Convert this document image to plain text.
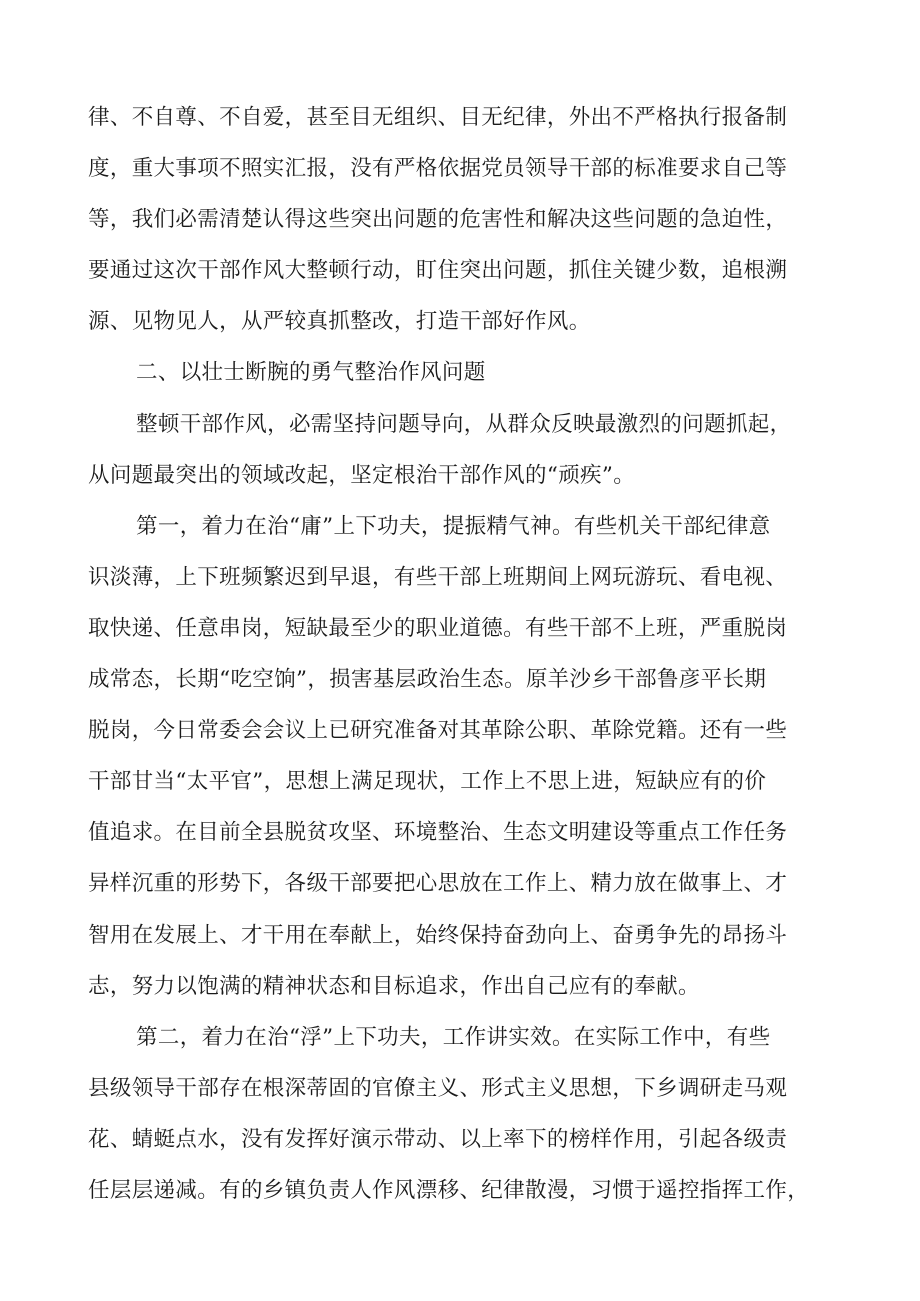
律、不自尊、不自爱，甚至目无组织、目无纪律，外出不严格执行报备制
度，重大事项不照实汇报，没有严格依据党员领导干部的标准要求自己等
等，我们必需清楚认得这些突出问题的危害性和解决这些问题的急迫性，
要通过这次干部作风大整顿行动，盯住突出问题，抓住关键少数，追根溯
源、见物见人，从严较真抓整改，打造干部好作风。
二、以壮士断腕的勇气整治作风问题
整顿干部作风，必需坚持问题导向，从群众反映最激烈的问题抓起，
从问题最突出的领域改起，坚定根治干部作风的“顽疾”。
第一，着力在治“庸”上下功夫，提振精气神。有些机关干部纪律意
识淡薄，上下班频繁迟到早退，有些干部上班期间上网玩游玩、看电视、
取快递、任意串岗，短缺最至少的职业道德。有些干部不上班，严重脱岗
成常态，长期“吃空饷”，损害基层政治生态。原羊沙乡干部鲁彦平长期
脱岗，今日常委会会议上已研究准备对其革除公职、革除党籍。还有一些
干部甘当“太平官”，思想上满足现状，工作上不思上进，短缺应有的价
值追求。在目前全县脱贫攻坚、环境整治、生态文明建设等重点工作任务
异样沉重的形势下，各级干部要把心思放在工作上、精力放在做事上、才
智用在发展上、才干用在奉献上，始终保持奋劲向上、奋勇争先的昂扬斗
志，努力以饱满的精神状态和目标追求，作出自己应有的奉献。
第二，着力在治“浮”上下功夫，工作讲实效。在实际工作中，有些
县级领导干部存在根深蒂固的官僚主义、形式主义思想，下乡调研走马观
花、蜻蜓点水，没有发挥好演示带动、以上率下的榜样作用，引起各级责
任层层递减。有的乡镇负责人作风漂移、纪律散漫，习惯于遥控指挥工作，
